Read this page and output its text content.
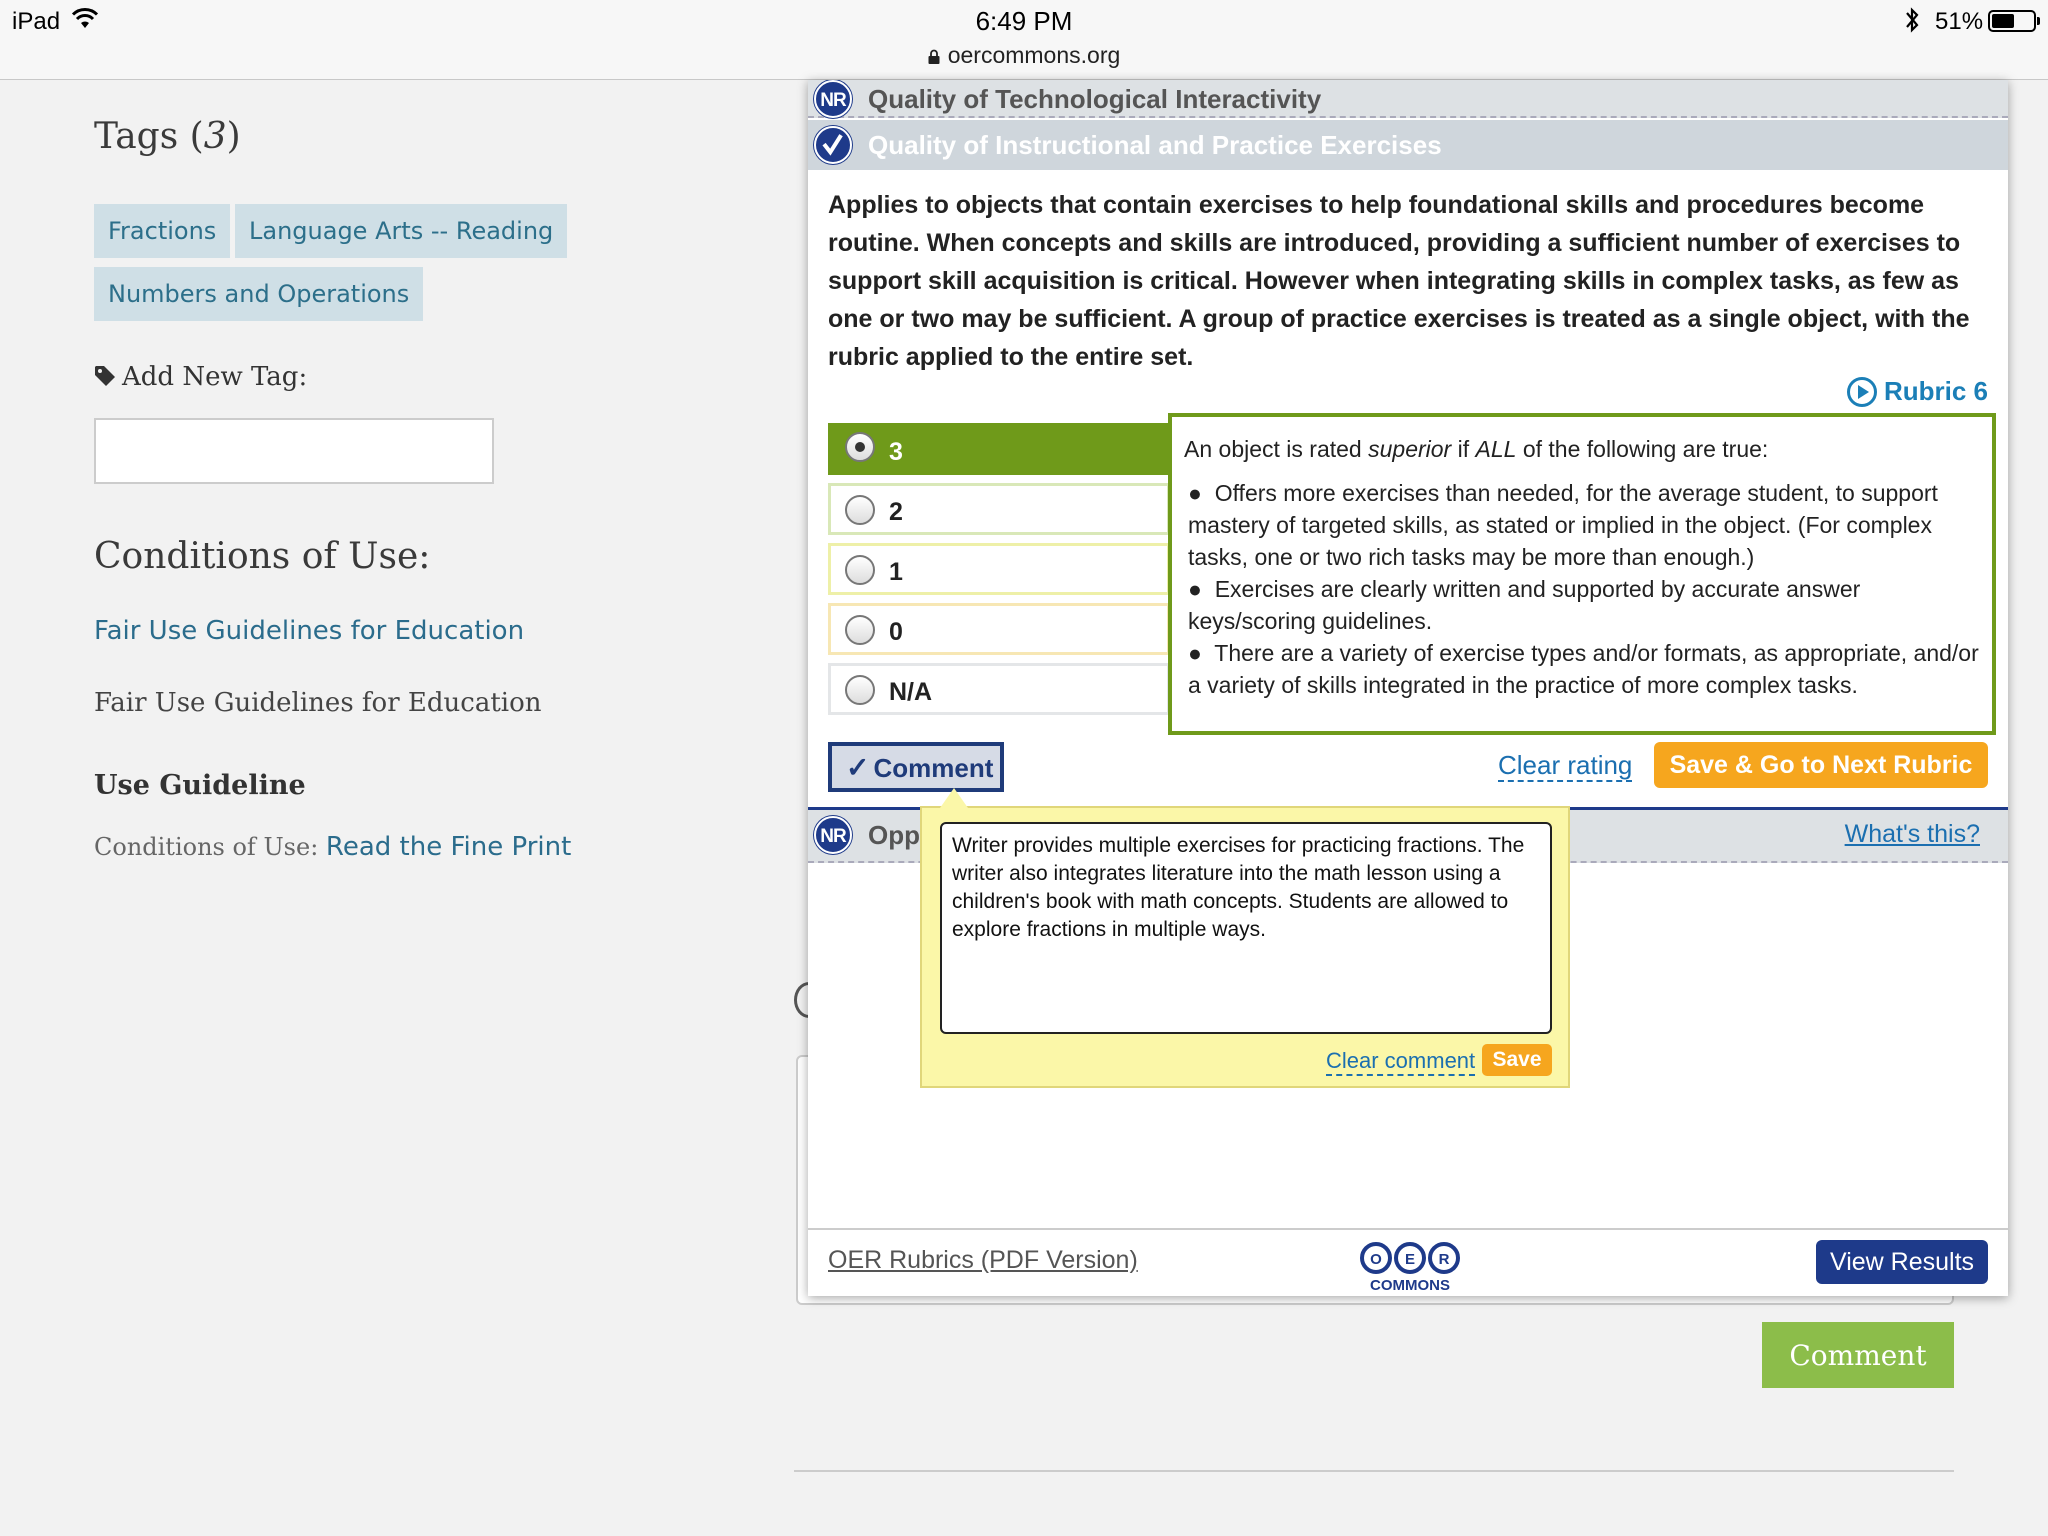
iPad	6:49 PM
oercommons.org
51%
Tags (3)
Fractions	Language Arts -- Reading
Numbers and Operations
Add New Tag:
Conditions of Use:
Fair Use Guidelines for Education
Fair Use Guidelines for Education
Use Guideline
Conditions of Use: Read the Fine Print
Comment
NR Quality of Technological Interactivity
Quality of Instructional and Practice Exercises

Applies to objects that contain exercises to help foundational skills and procedures become routine. When concepts and skills are introduced, providing a sufficient number of exercises to support skill acquisition is critical. However when integrating skills in complex tasks, as few as one or two may be sufficient. A group of practice exercises is treated as a single object, with the rubric applied to the entire set.

Rubric 6
3
2
1
0
N/A
An object is rated superior if ALL of the following are true:
●  Offers more exercises than needed, for the average student, to support mastery of targeted skills, as stated or implied in the object. (For complex tasks, one or two rich tasks may be more than enough.)
●  Exercises are clearly written and supported by accurate answer keys/scoring guidelines.
●  There are a variety of exercise types and/or formats, as appropriate, and/or a variety of skills integrated in the practice of more complex tasks.
✓ Comment	Clear rating	Save & Go to Next Rubric
NR Opp	What's this?
OER Rubrics (PDF Version)	O E R
COMMONS
View Results
Writer provides multiple exercises for practicing fractions. The writer also integrates literature into the math lesson using a children's book with math concepts. Students are allowed to explore fractions in multiple ways.
Clear comment Save
